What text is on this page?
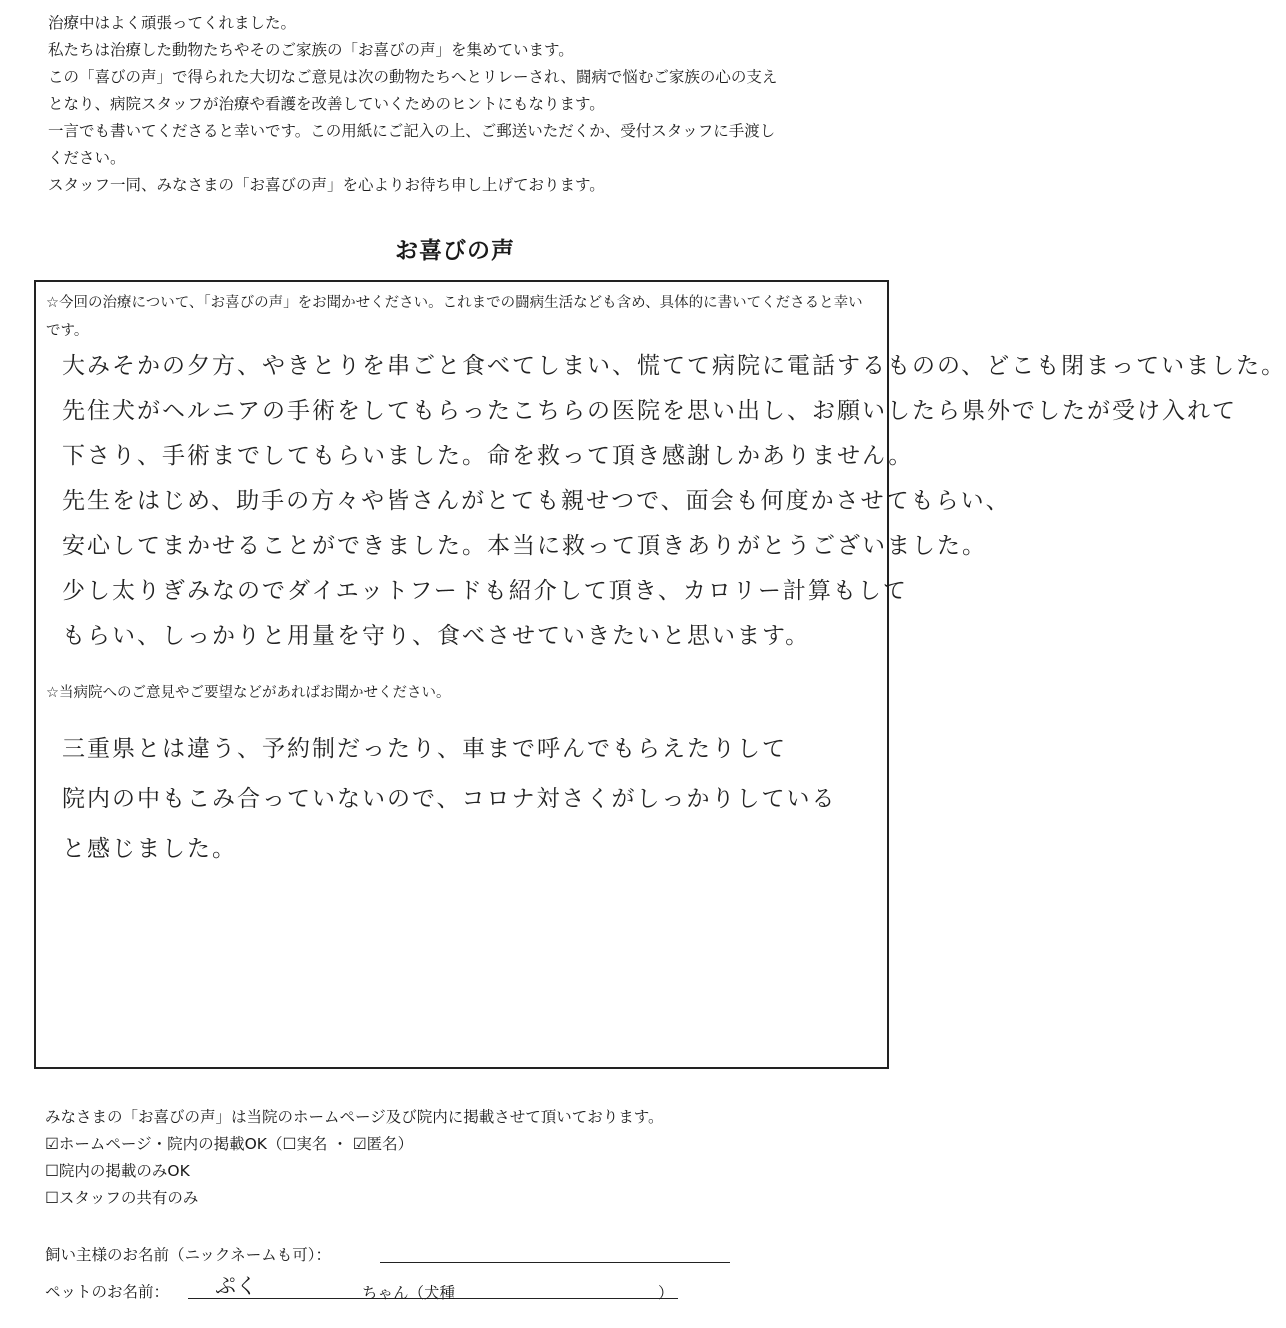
治療中はよく頑張ってくれました。

私たちは治療した動物たちやそのご家族の「お喜びの声」を集めています。

この「喜びの声」で得られた大切なご意見は次の動物たちへとリレーされ、闘病で悩むご家族の心の支え

となり、病院スタッフが治療や看護を改善していくためのヒントにもなります。

一言でも書いてくださると幸いです。この用紙にご記入の上、ご郵送いただくか、受付スタッフに手渡し

ください。

スタッフ一同、みなさまの「お喜びの声」を心よりお待ち申し上げております。

お喜びの声
☆今回の治療について、「お喜びの声」をお聞かせください。これまでの闘病生活なども含め、具体的に書いてくださると幸いです。
大みそかの夕方、やきとりを串ごと食べてしまい、慌てて病院に電話するものの、どこも閉まっていました。
先住犬がヘルニアの手術をしてもらったこちらの医院を思い出し、お願いしたら県外でしたが受け入れて
下さり、手術までしてもらいました。命を救って頂き感謝しかありません。
先生をはじめ、助手の方々や皆さんがとても親せつで、面会も何度かさせてもらい、
安心してまかせることができました。本当に救って頂きありがとうございました。
少し太りぎみなのでダイエットフードも紹介して頂き、カロリー計算もして
もらい、しっかりと用量を守り、食べさせていきたいと思います。
☆当病院へのご意見やご要望などがあればお聞かせください。
三重県とは違う、予約制だったり、車まで呼んでもらえたりして
院内の中もこみ合っていないので、コロナ対さくがしっかりしている
と感じました。

みなさまの「お喜びの声」は当院のホームページ及び院内に掲載させて頂いております。

☑ホームページ・院内の掲載OK（☐実名 ・ ☑匿名）

☐院内の掲載のみOK

☐スタッフの共有のみ

飼い主様のお名前（ニックネームも可）：
ペットのお名前： ぷく	ちゃん（犬種	）
